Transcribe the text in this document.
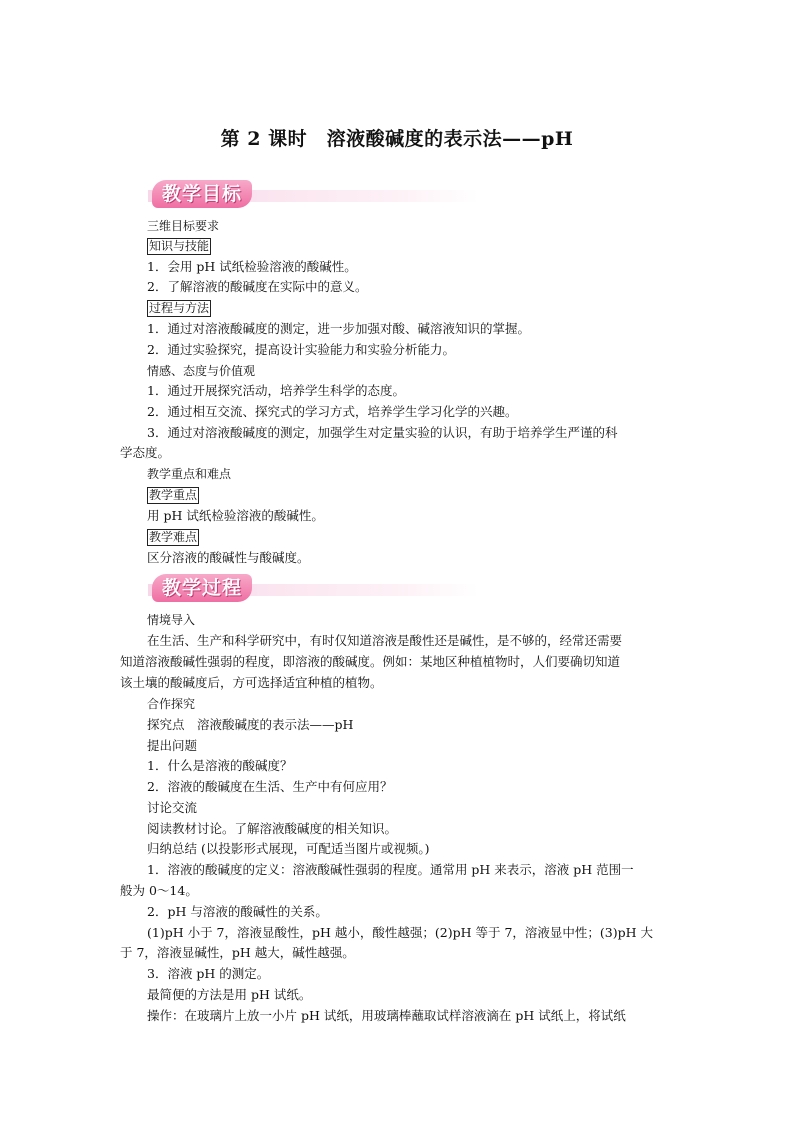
第 2 课时　溶液酸碱度的表示法——pH
教学目标
三维目标要求
知识与技能
1．会用 pH 试纸检验溶液的酸碱性。
2．了解溶液的酸碱度在实际中的意义。
过程与方法
1．通过对溶液酸碱度的测定，进一步加强对酸、碱溶液知识的掌握。
2．通过实验探究，提高设计实验能力和实验分析能力。
情感、态度与价值观
1．通过开展探究活动，培养学生科学的态度。
2．通过相互交流、探究式的学习方式，培养学生学习化学的兴趣。
3．通过对溶液酸碱度的测定，加强学生对定量实验的认识，有助于培养学生严谨的科
学态度。
教学重点和难点
教学重点
用 pH 试纸检验溶液的酸碱性。
教学难点
区分溶液的酸碱性与酸碱度。
教学过程
情境导入
在生活、生产和科学研究中，有时仅知道溶液是酸性还是碱性，是不够的，经常还需要
知道溶液酸碱性强弱的程度，即溶液的酸碱度。例如：某地区种植植物时，人们要确切知道
该土壤的酸碱度后，方可选择适宜种植的植物。
合作探究
探究点　溶液酸碱度的表示法——pH
提出问题
1．什么是溶液的酸碱度？
2．溶液的酸碱度在生活、生产中有何应用？
讨论交流
阅读教材讨论。了解溶液酸碱度的相关知识。
归纳总结 (以投影形式展现，可配适当图片或视频。)
1．溶液的酸碱度的定义：溶液酸碱性强弱的程度。通常用 pH 来表示，溶液 pH 范围一
般为 0～14。
2．pH 与溶液的酸碱性的关系。
(1)pH 小于 7，溶液显酸性，pH 越小，酸性越强；(2)pH 等于 7，溶液显中性；(3)pH 大
于 7，溶液显碱性，pH 越大，碱性越强。
3．溶液 pH 的测定。
最简便的方法是用 pH 试纸。
操作：在玻璃片上放一小片 pH 试纸，用玻璃棒蘸取试样溶液滴在 pH 试纸上，将试纸
